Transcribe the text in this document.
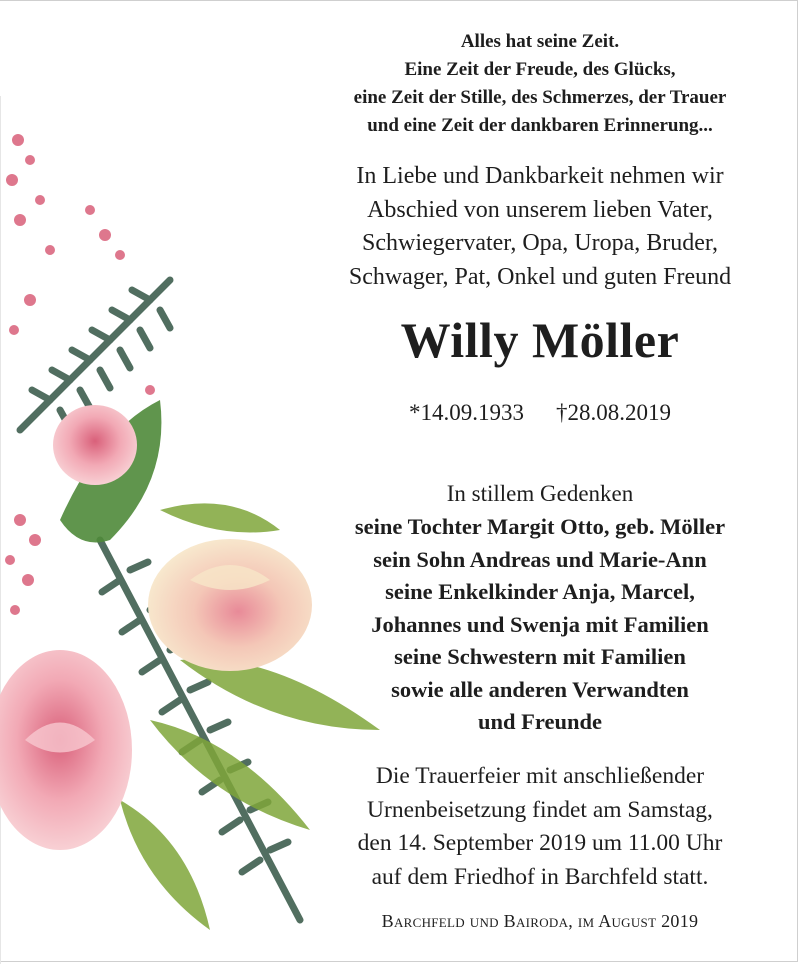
Alles hat seine Zeit.
Eine Zeit der Freude, des Glücks,
eine Zeit der Stille, des Schmerzes, der Trauer
und eine Zeit der dankbaren Erinnerung...
In Liebe und Dankbarkeit nehmen wir
Abschied von unserem lieben Vater,
Schwiegervater, Opa, Uropa, Bruder,
Schwager, Pat, Onkel und guten Freund
Willy Möller
*14.09.1933 †28.08.2019
In stillem Gedenken
seine Tochter Margit Otto, geb. Möller
sein Sohn Andreas und Marie-Ann
seine Enkelkinder Anja, Marcel,
Johannes und Swenja mit Familien
seine Schwestern mit Familien
sowie alle anderen Verwandten
und Freunde
Die Trauerfeier mit anschließender
Urnenbeisetzung findet am Samstag,
den 14. September 2019 um 11.00 Uhr
auf dem Friedhof in Barchfeld statt.
Barchfeld und Bairoda, im August 2019
